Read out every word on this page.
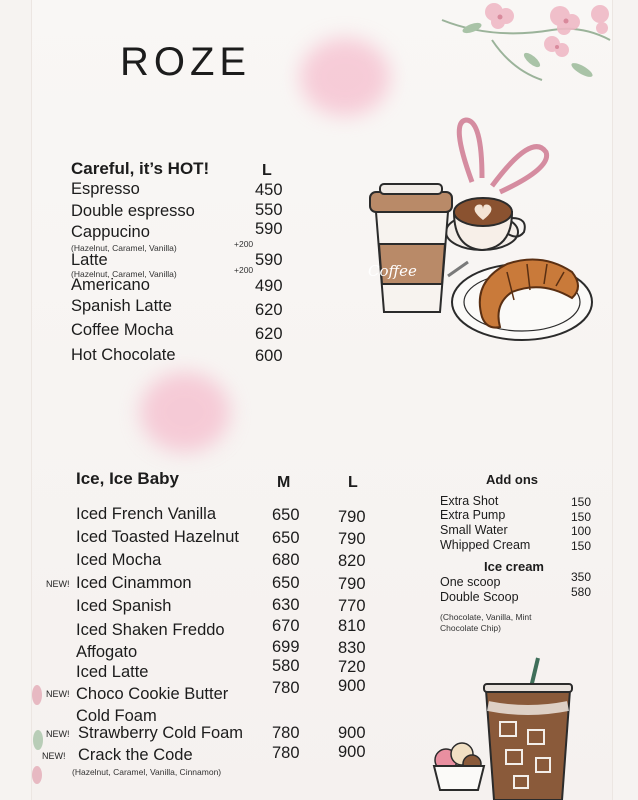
ROZE
Coffee
Careful, it’s HOT!	L
Espresso	450
Double espresso	550
Cappucino	590
(Hazelnut, Caramel, Vanilla)	+200
Latte	590
(Hazelnut, Caramel, Vanilla)	+200
Americano	490
Spanish Latte	620
Coffee Mocha	620
Hot Chocolate	600
Ice, Ice Baby	M	L
Iced French Vanilla	650 790
Iced Toasted Hazelnut 650 790
Iced Mocha	680 820
NEW! Iced Cinammon	650 790
Iced Spanish	630 770
Iced Shaken Freddo	670 810
Affogato	699 830
Iced Latte	580 720
NEW! Choco Cookie Butter	780 900
Cold Foam
NEW! Strawberry Cold Foam 780 900
NEW! Crack the Code	780 900
(Hazelnut, Caramel, Vanilla, Cinnamon)
Add ons
Extra Shot	150
Extra Pump	150
Small Water	100
Whipped Cream	150
Ice cream
One scoop	350
Double Scoop	580
(Chocolate, Vanilla, Mint
Chocolate Chip)
